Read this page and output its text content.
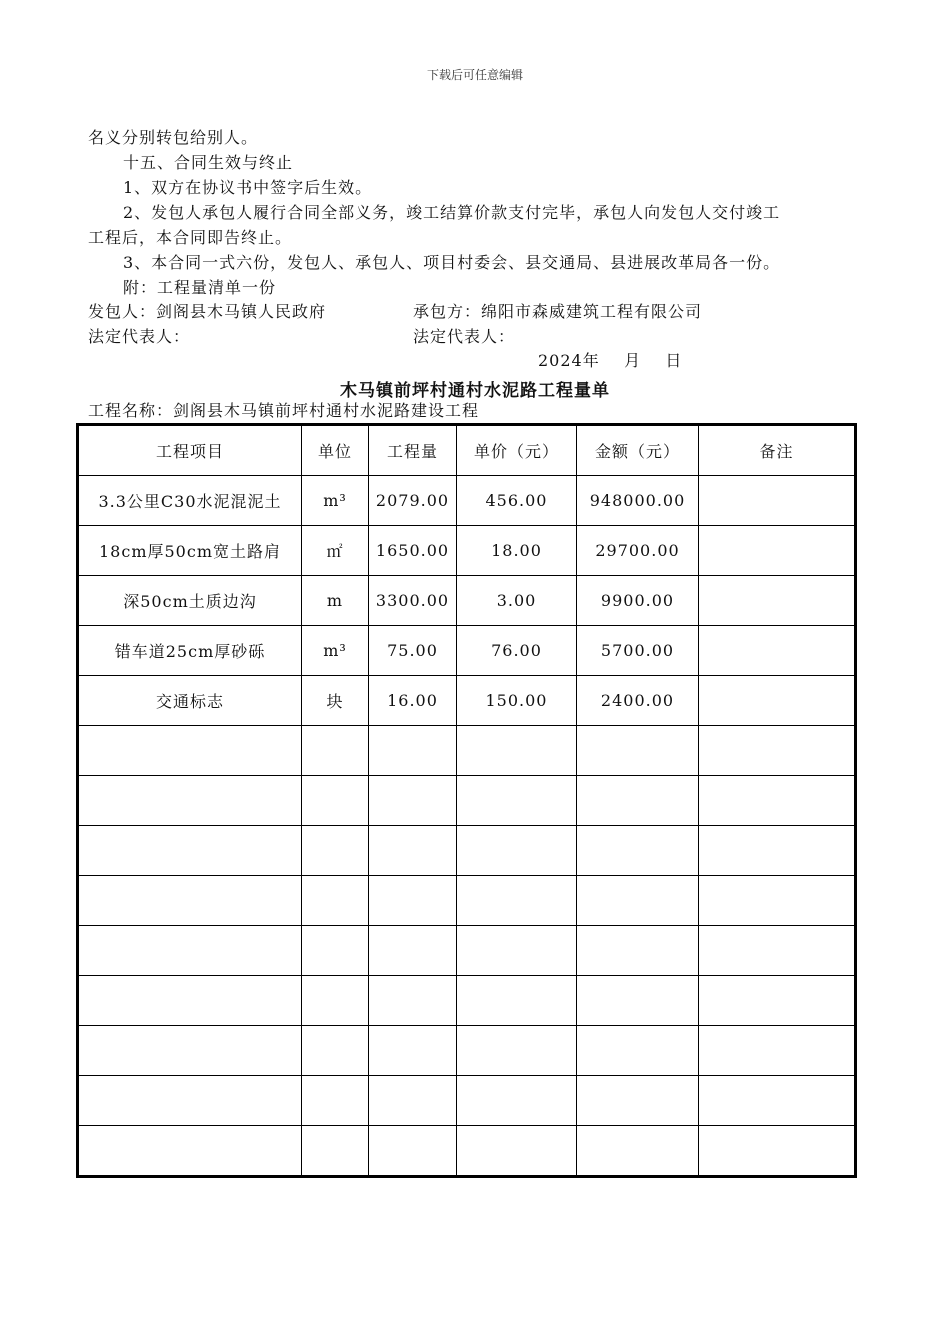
下载后可任意编辑
名义分别转包给别人。
十五、合同生效与终止
1、双方在协议书中签字后生效。
2、发包人承包人履行合同全部义务，竣工结算价款支付完毕，承包人向发包人交付竣工
工程后，本合同即告终止。
3、本合同一式六份，发包人、承包人、项目村委会、县交通局、县进展改革局各一份。
附：工程量清单一份
发包人：剑阁县木马镇人民政府	承包方：绵阳市森威建筑工程有限公司
法定代表人：	法定代表人：
2024年    月    日
木马镇前坪村通村水泥路工程量单
工程名称：剑阁县木马镇前坪村通村水泥路建设工程
工程项目	单位	工程量	单价（元）	金额（元）	备注
3.3公里C30水泥混泥土	m³	2079.00	456.00	948000.00	
18cm厚50cm宽土路肩	㎡	1650.00	18.00	29700.00	
深50cm土质边沟	m	3300.00	3.00	9900.00	
错车道25cm厚砂砾	m³	75.00	76.00	5700.00	
交通标志	块	16.00	150.00	2400.00	
